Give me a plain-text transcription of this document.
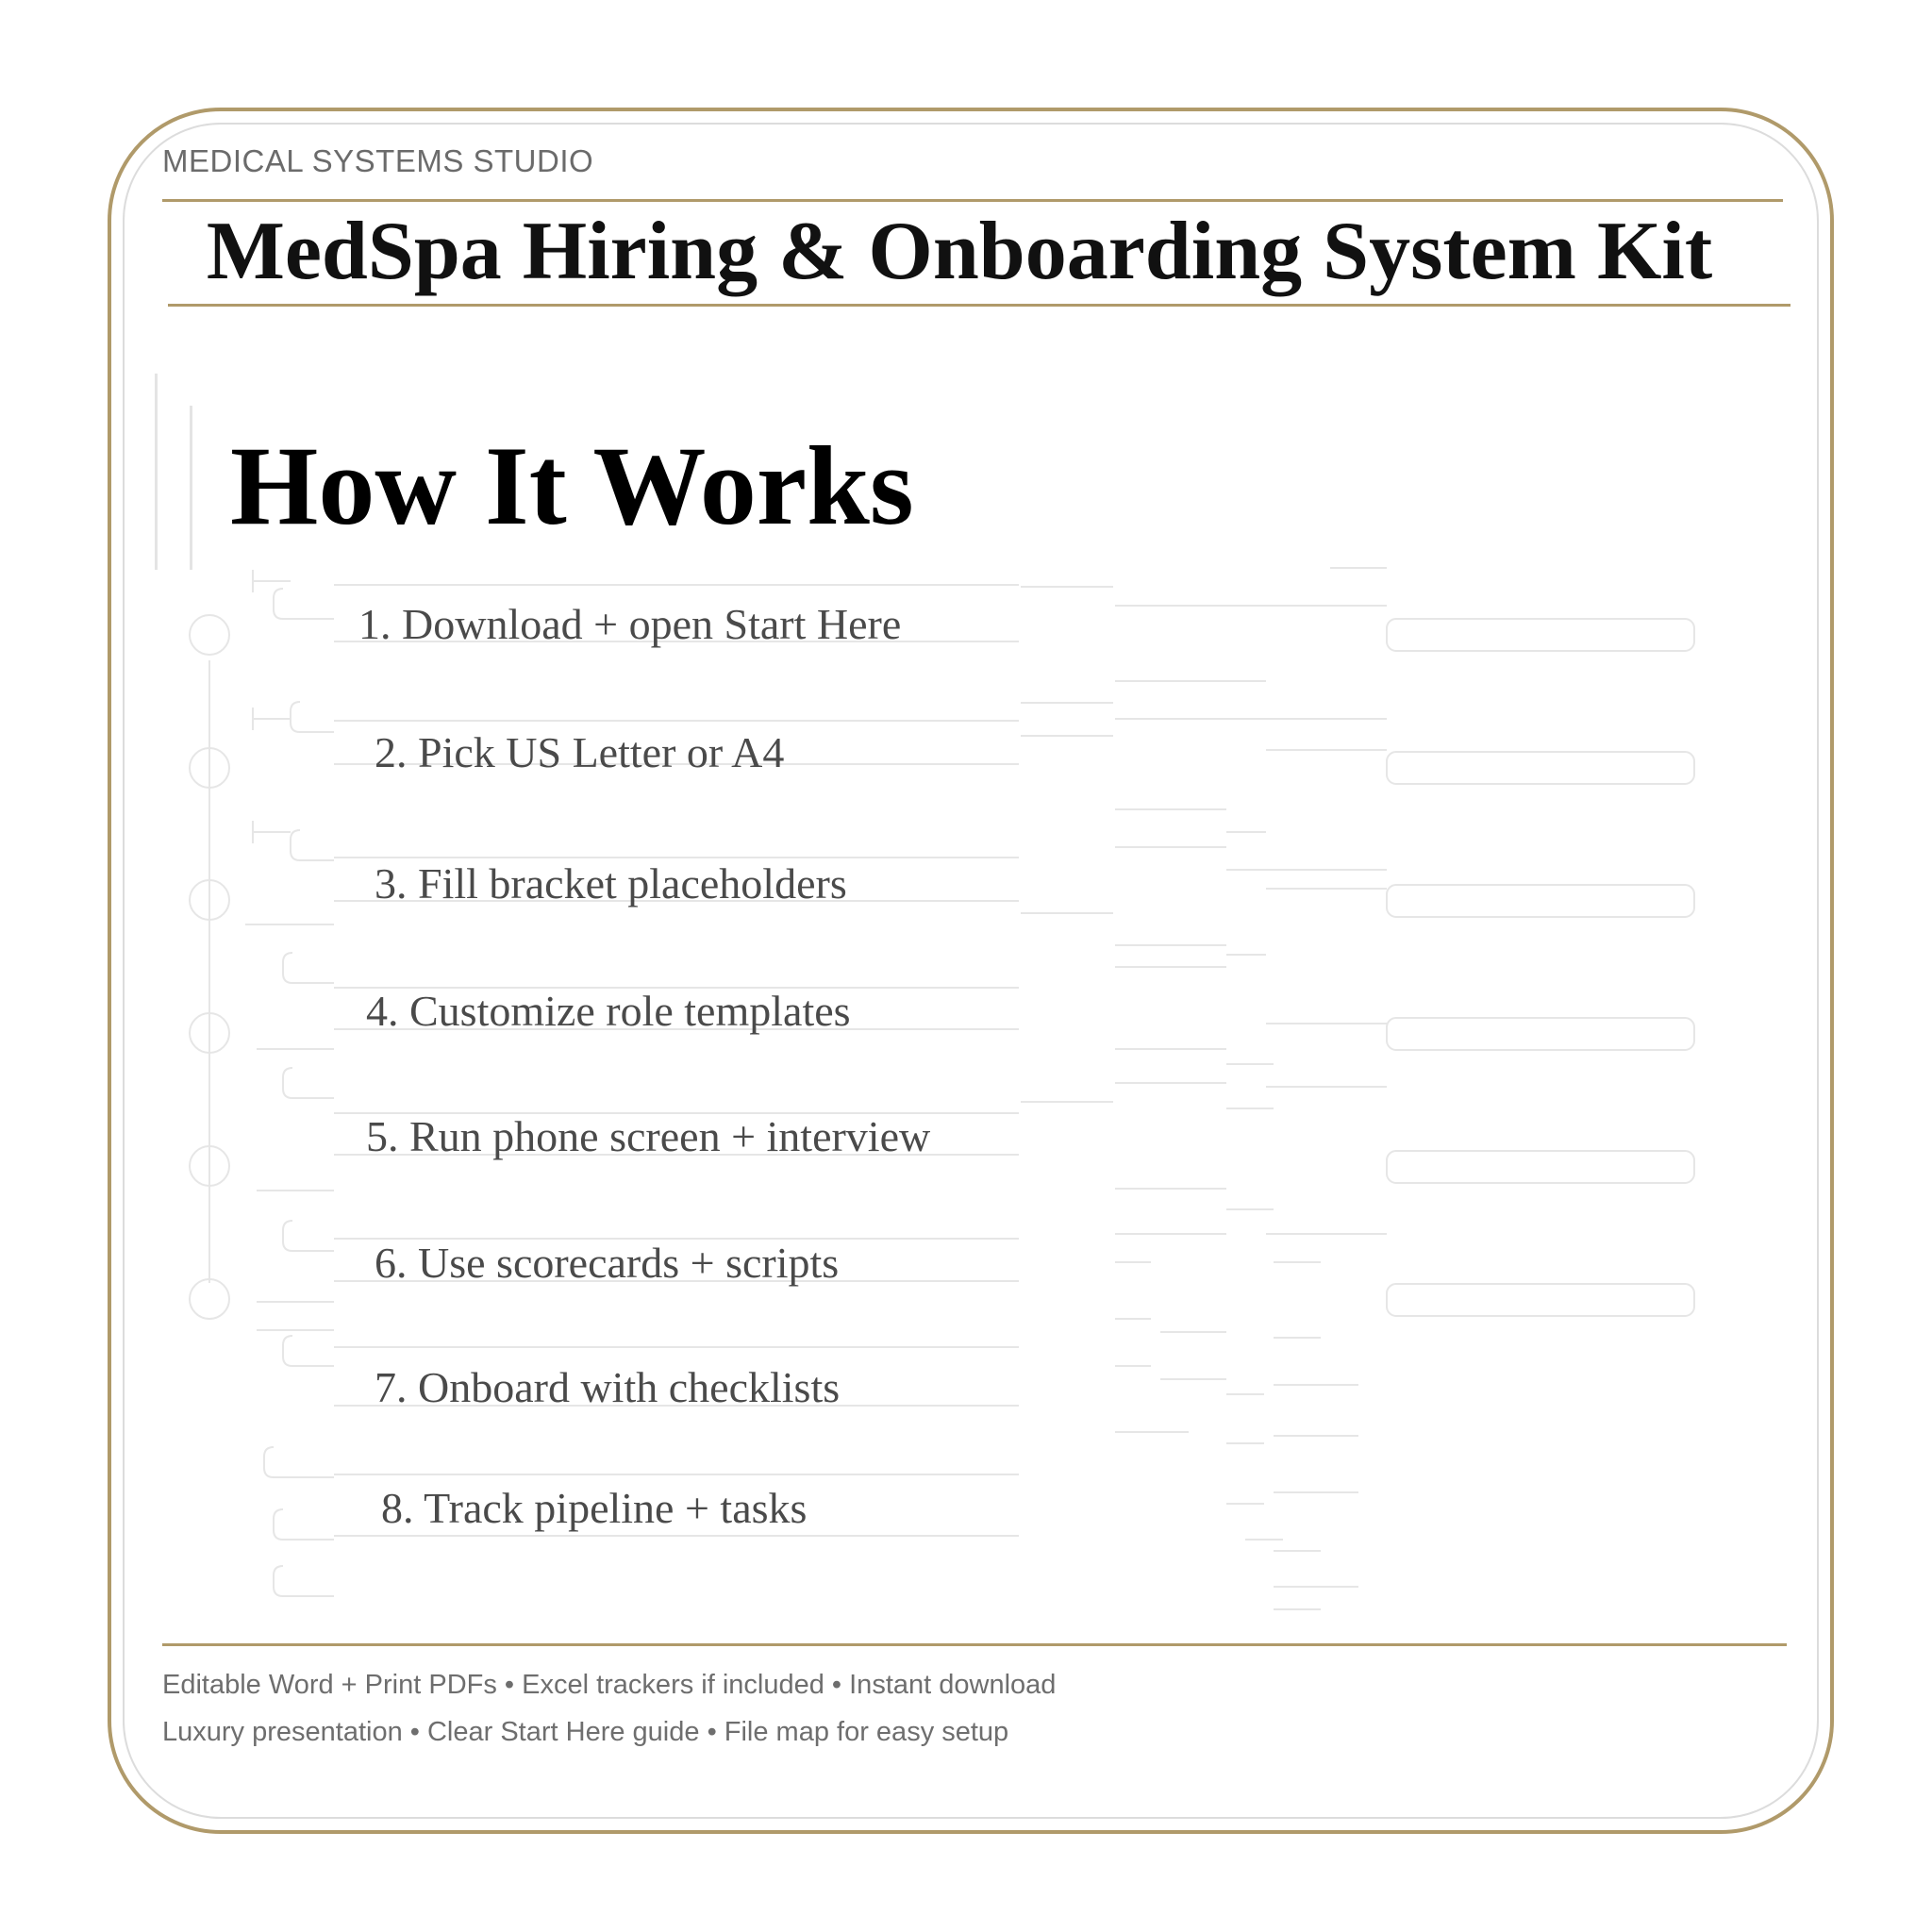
MEDICAL SYSTEMS STUDIO
MedSpa Hiring & Onboarding System Kit
How It Works
1. Download + open Start Here
2. Pick US Letter or A4
3. Fill bracket placeholders
4. Customize role templates
5. Run phone screen + interview
6. Use scorecards + scripts
7. Onboard with checklists
8. Track pipeline + tasks
Editable Word + Print PDFs • Excel trackers if included • Instant download
Luxury presentation • Clear Start Here guide • File map for easy setup
